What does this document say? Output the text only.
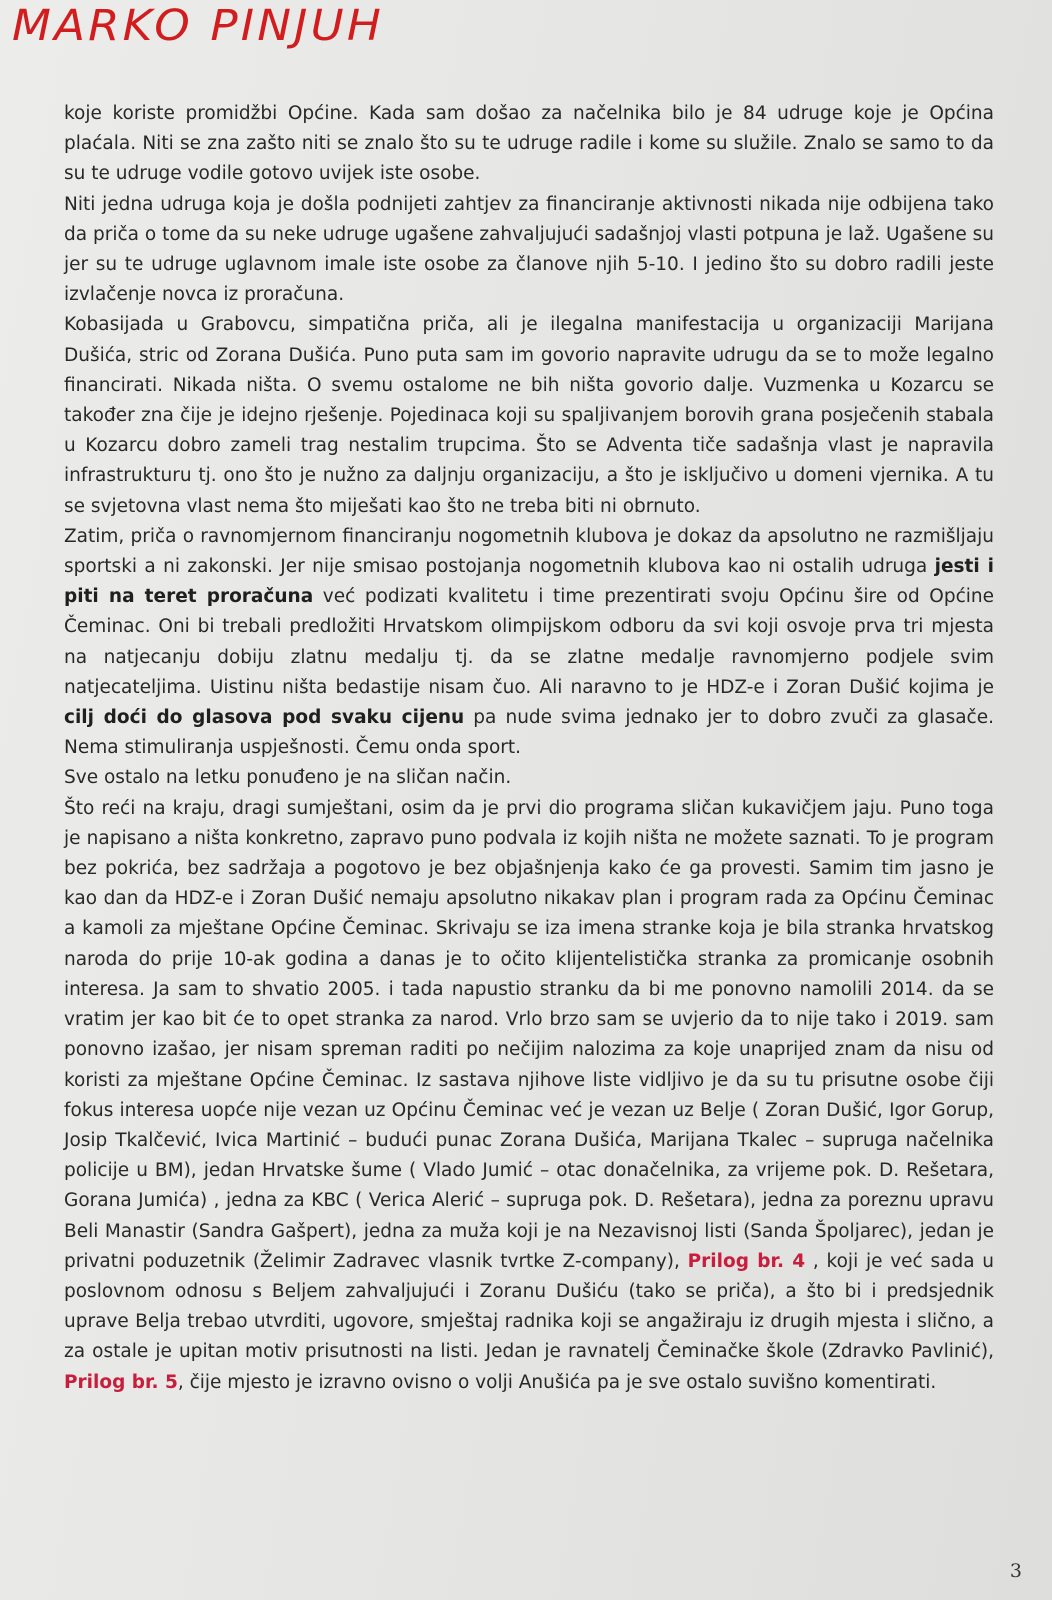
MARKO PINJUH

koje koriste promidžbi Općine. Kada sam došao za načelnika bilo je 84 udruge koje je Općina plaćala. Niti se zna zašto niti se znalo što su te udruge radile i kome su služile. Znalo se samo to da su te udruge vodile gotovo uvijek iste osobe.

Niti jedna udruga koja je došla podnijeti zahtjev za financiranje aktivnosti nikada nije odbijena tako da priča o tome da su neke udruge ugašene zahvaljujući sadašnjoj vlasti potpuna je laž. Ugašene su jer su te udruge uglavnom imale iste osobe za članove njih 5-10. I jedino što su dobro radili jeste izvlačenje novca iz proračuna.

Kobasijada u Grabovcu, simpatična priča, ali je ilegalna manifestacija u organizaciji Marijana Dušića, stric od Zorana Dušića. Puno puta sam im govorio napravite udrugu da se to može legalno financirati. Nikada ništa. O svemu ostalome ne bih ništa govorio dalje. Vuzmenka u Kozarcu se također zna čije je idejno rješenje. Pojedinaca koji su spaljivanjem borovih grana posječenih stabala u Kozarcu dobro zameli trag nestalim trupcima. Što se Adventa tiče sadašnja vlast je napravila infrastrukturu tj. ono što je nužno za daljnju organizaciju, a što je isključivo u domeni vjernika. A tu se svjetovna vlast nema što miješati kao što ne treba biti ni obrnuto.

Zatim, priča o ravnomjernom financiranju nogometnih klubova je dokaz da apsolutno ne razmišljaju sportski a ni zakonski. Jer nije smisao postojanja nogometnih klubova kao ni ostalih udruga jesti i piti na teret proračuna već podizati kvalitetu i time prezentirati svoju Općinu šire od Općine Čeminac. Oni bi trebali predložiti Hrvatskom olimpijskom odboru da svi koji osvoje prva tri mjesta na natjecanju dobiju zlatnu medalju tj. da se zlatne medalje ravnomjerno podjele svim natjecateljima. Uistinu ništa bedastije nisam čuo. Ali naravno to je HDZ-e i Zoran Dušić kojima je cilj doći do glasova pod svaku cijenu pa nude svima jednako jer to dobro zvuči za glasače. Nema stimuliranja uspješnosti. Čemu onda sport.

Sve ostalo na letku ponuđeno je na sličan način.

Što reći na kraju, dragi sumještani, osim da je prvi dio programa sličan kukavičjem jaju. Puno toga je napisano a ništa konkretno, zapravo puno podvala iz kojih ništa ne možete saznati. To je program bez pokrića, bez sadržaja a pogotovo je bez objašnjenja kako će ga provesti. Samim tim jasno je kao dan da HDZ-e i Zoran Dušić nemaju apsolutno nikakav plan i program rada za Općinu Čeminac a kamoli za mještane Općine Čeminac. Skrivaju se iza imena stranke koja je bila stranka hrvatskog naroda do prije 10-ak godina a danas je to očito klijentelistička stranka za promicanje osobnih interesa. Ja sam to shvatio 2005. i tada napustio stranku da bi me ponovno namolili 2014. da se vratim jer kao bit će to opet stranka za narod. Vrlo brzo sam se uvjerio da to nije tako i 2019. sam ponovno izašao, jer nisam spreman raditi po nečijim nalozima za koje unaprijed znam da nisu od koristi za mještane Općine Čeminac. Iz sastava njihove liste vidljivo je da su tu prisutne osobe čiji fokus interesa uopće nije vezan uz Općinu Čeminac već je vezan uz Belje ( Zoran Dušić, Igor Gorup, Josip Tkalčević, Ivica Martinić – budući punac Zorana Dušića, Marijana Tkalec – supruga načelnika policije u BM), jedan Hrvatske šume ( Vlado Jumić – otac donačelnika, za vrijeme pok. D. Rešetara, Gorana Jumića) , jedna za KBC ( Verica Alerić – supruga pok. D. Rešetara), jedna za poreznu upravu Beli Manastir (Sandra Gašpert), jedna za muža koji je na Nezavisnoj listi (Sanda Špoljarec), jedan je privatni poduzetnik (Želimir Zadravec vlasnik tvrtke Z-company), Prilog br. 4 , koji je već sada u poslovnom odnosu s Beljem zahvaljujući i Zoranu Dušiću (tako se priča), a što bi i predsjednik uprave Belja trebao utvrditi, ugovore, smještaj radnika koji se angažiraju iz drugih mjesta i slično, a za ostale je upitan motiv prisutnosti na listi. Jedan je ravnatelj Čeminačke škole (Zdravko Pavlinić), Prilog br. 5, čije mjesto je izravno ovisno o volji Anušića pa je sve ostalo suvišno komentirati.

3
